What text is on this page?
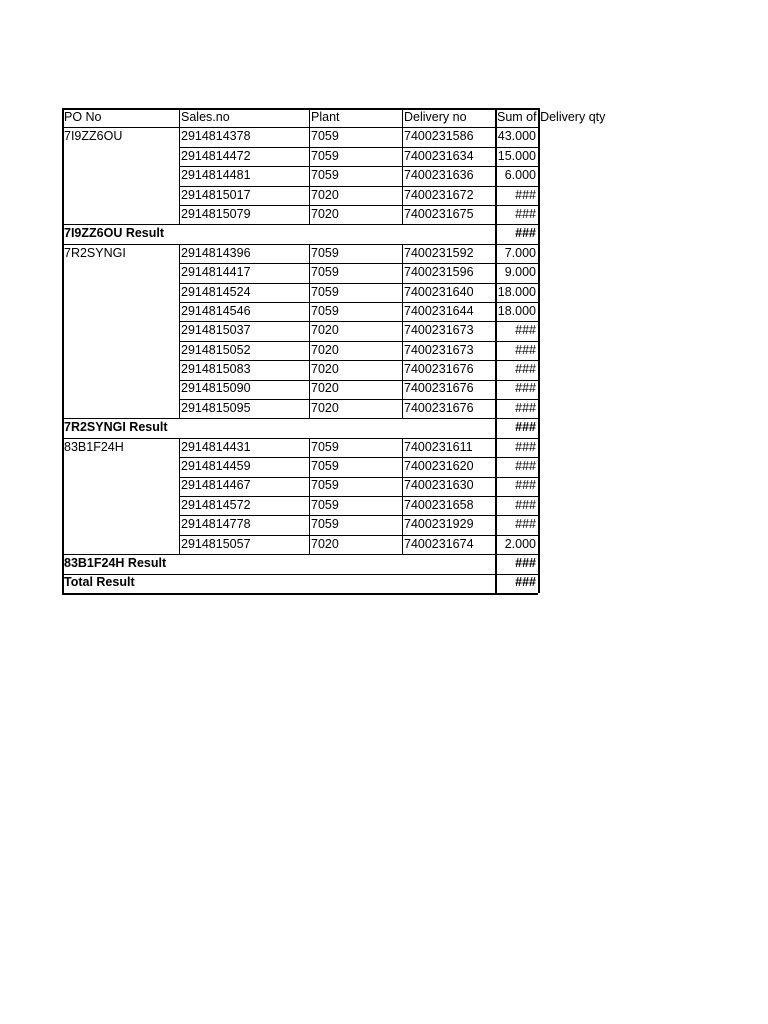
PO No	Sales.no	Plant	Delivery no	Sum of Delivery qty
7I9ZZ6OU	2914814378	7059	7400231586	43.000
2914814472	7059	7400231634	15.000
2914814481	7059	7400231636	6.000
2914815017	7020	7400231672	###
2914815079	7020	7400231675	###
7I9ZZ6OU Result	###
7R2SYNGI	2914814396	7059	7400231592	7.000
2914814417	7059	7400231596	9.000
2914814524	7059	7400231640	18.000
2914814546	7059	7400231644	18.000
2914815037	7020	7400231673	###
2914815052	7020	7400231673	###
2914815083	7020	7400231676	###
2914815090	7020	7400231676	###
2914815095	7020	7400231676	###
7R2SYNGI Result	###
83B1F24H	2914814431	7059	7400231611	###
2914814459	7059	7400231620	###
2914814467	7059	7400231630	###
2914814572	7059	7400231658	###
2914814778	7059	7400231929	###
2914815057	7020	7400231674	2.000
83B1F24H Result	###
Total Result	###
